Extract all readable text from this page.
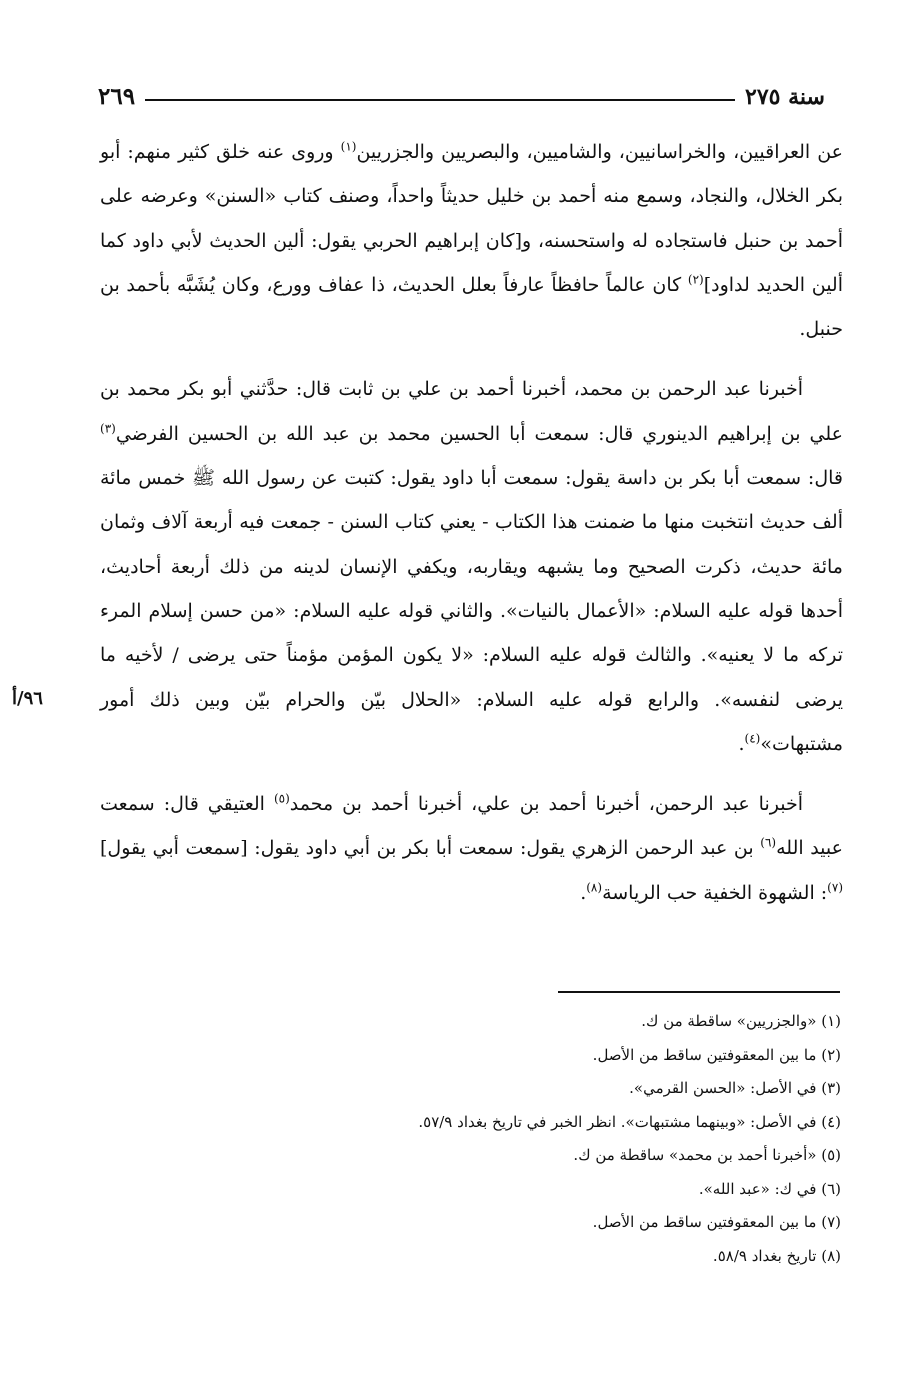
سنة ٢٧٥
٢٦٩
٩٦/أ

عن العراقيين، والخراسانيين، والشاميين، والبصريين والجزريين$^{(١)}$ وروى عنه خلق كثير منهم: أبو بكر الخلال، والنجاد، وسمع منه أحمد بن خليل حديثاً واحداً، وصنف كتاب «السنن» وعرضه على أحمد بن حنبل فاستجاده له واستحسنه، و[كان إبراهيم الحربي يقول: ألين الحديث لأبي داود كما ألين الحديد لداود]$^{(٢)}$ كان عالماً حافظاً عارفاً بعلل الحديث، ذا عفاف وورع، وكان يُشَبَّه بأحمد بن حنبل.

أخبرنا عبد الرحمن بن محمد، أخبرنا أحمد بن علي بن ثابت قال: حدَّثني أبو بكر محمد بن علي بن إبراهيم الدينوري قال: سمعت أبا الحسين محمد بن عبد الله بن الحسين الفرضي$^{(٣)}$ قال: سمعت أبا بكر بن داسة يقول: سمعت أبا داود يقول: كتبت عن رسول الله ﷺ خمس مائة ألف حديث انتخبت منها ما ضمنت هذا الكتاب - يعني كتاب السنن - جمعت فيه أربعة آلاف وثمان مائة حديث، ذكرت الصحيح وما يشبهه ويقاربه، ويكفي الإنسان لدينه من ذلك أربعة أحاديث، أحدها قوله عليه السلام: «الأعمال بالنيات». والثاني قوله عليه السلام: «من حسن إسلام المرء تركه ما لا يعنيه». والثالث قوله عليه السلام: «لا يكون المؤمن مؤمناً حتى يرضى / لأخيه ما يرضى لنفسه». والرابع قوله عليه السلام: «الحلال بيّن والحرام بيّن وبين ذلك أمور مشتبهات»$^{(٤)}$.

أخبرنا عبد الرحمن، أخبرنا أحمد بن علي، أخبرنا أحمد بن محمد$^{(٥)}$ العتيقي قال: سمعت عبيد الله$^{(٦)}$ بن عبد الرحمن الزهري يقول: سمعت أبا بكر بن أبي داود يقول: [سمعت أبي يقول]$^{(٧)}$: الشهوة الخفية حب الرياسة$^{(٨)}$.

(١) «والجزريين» ساقطة من ك.
(٢) ما بين المعقوفتين ساقط من الأصل.
(٣) في الأصل: «الحسن القرمي».
(٤) في الأصل: «وبينهما مشتبهات». انظر الخبر في تاريخ بغداد ٥٧/٩.
(٥) «أخبرنا أحمد بن محمد» ساقطة من ك.
(٦) في ك: «عبد الله».
(٧) ما بين المعقوفتين ساقط من الأصل.
(٨) تاريخ بغداد ٥٨/٩.
